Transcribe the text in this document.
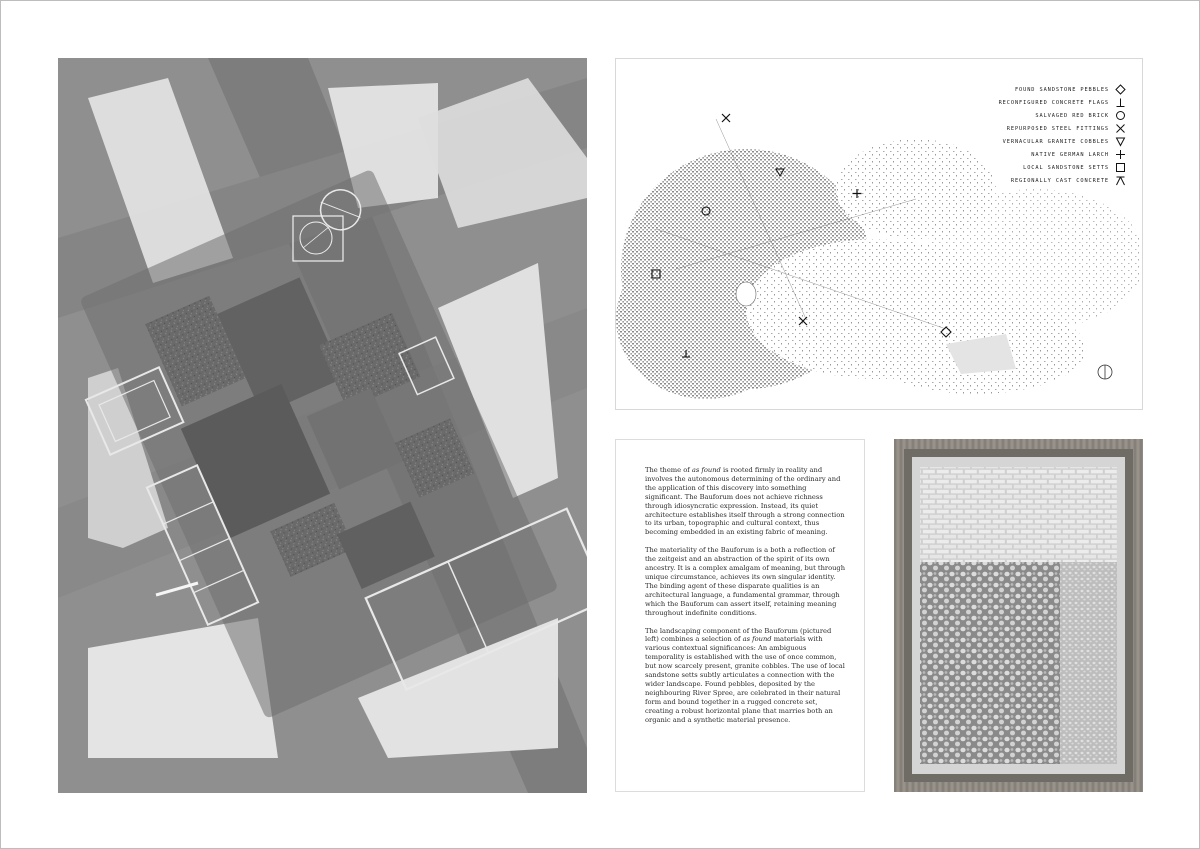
FOUND SANDSTONE PEBBLES
RECONFIGURED CONCRETE FLAGS
SALVAGED RED BRICK
REPURPOSED STEEL FITTINGS
VERNACULAR GRANITE COBBLES
NATIVE GERMAN LARCH
LOCAL SANDSTONE SETTS
REGIONALLY CAST CONCRETE

The theme of as found is rooted firmly in reality and involves the autonomous determining of the ordinary and the application of this discovery into something significant. The Bauforum does not achieve richness through idiosyncratic expression. Instead, its quiet architecture establishes itself through a strong connection to its urban, topographic and cultural context, thus becoming embedded in an existing fabric of meaning.

The materiality of the Bauforum is a both a reflection of the zeitgeist and an abstraction of the spirit of its own ancestry. It is a complex amalgam of meaning, but through unique circumstance, achieves its own singular identity. The binding agent of these disparate qualities is an architectural language, a fundamental grammar, through which the Bauforum can assert itself, retaining meaning throughout indefinite conditions.

The landscaping component of the Bauforum (pictured left) combines a selection of as found materials with various contextual significances: An ambiguous temporality is established with the use of once common, but now scarcely present, granite cobbles. The use of local sandstone setts subtly articulates a connection with the wider landscape. Found pebbles, deposited by the neighbouring River Spree, are celebrated in their natural form and bound together in a rugged concrete set, creating a robust horizontal plane that marries both an organic and a synthetic material presence.
